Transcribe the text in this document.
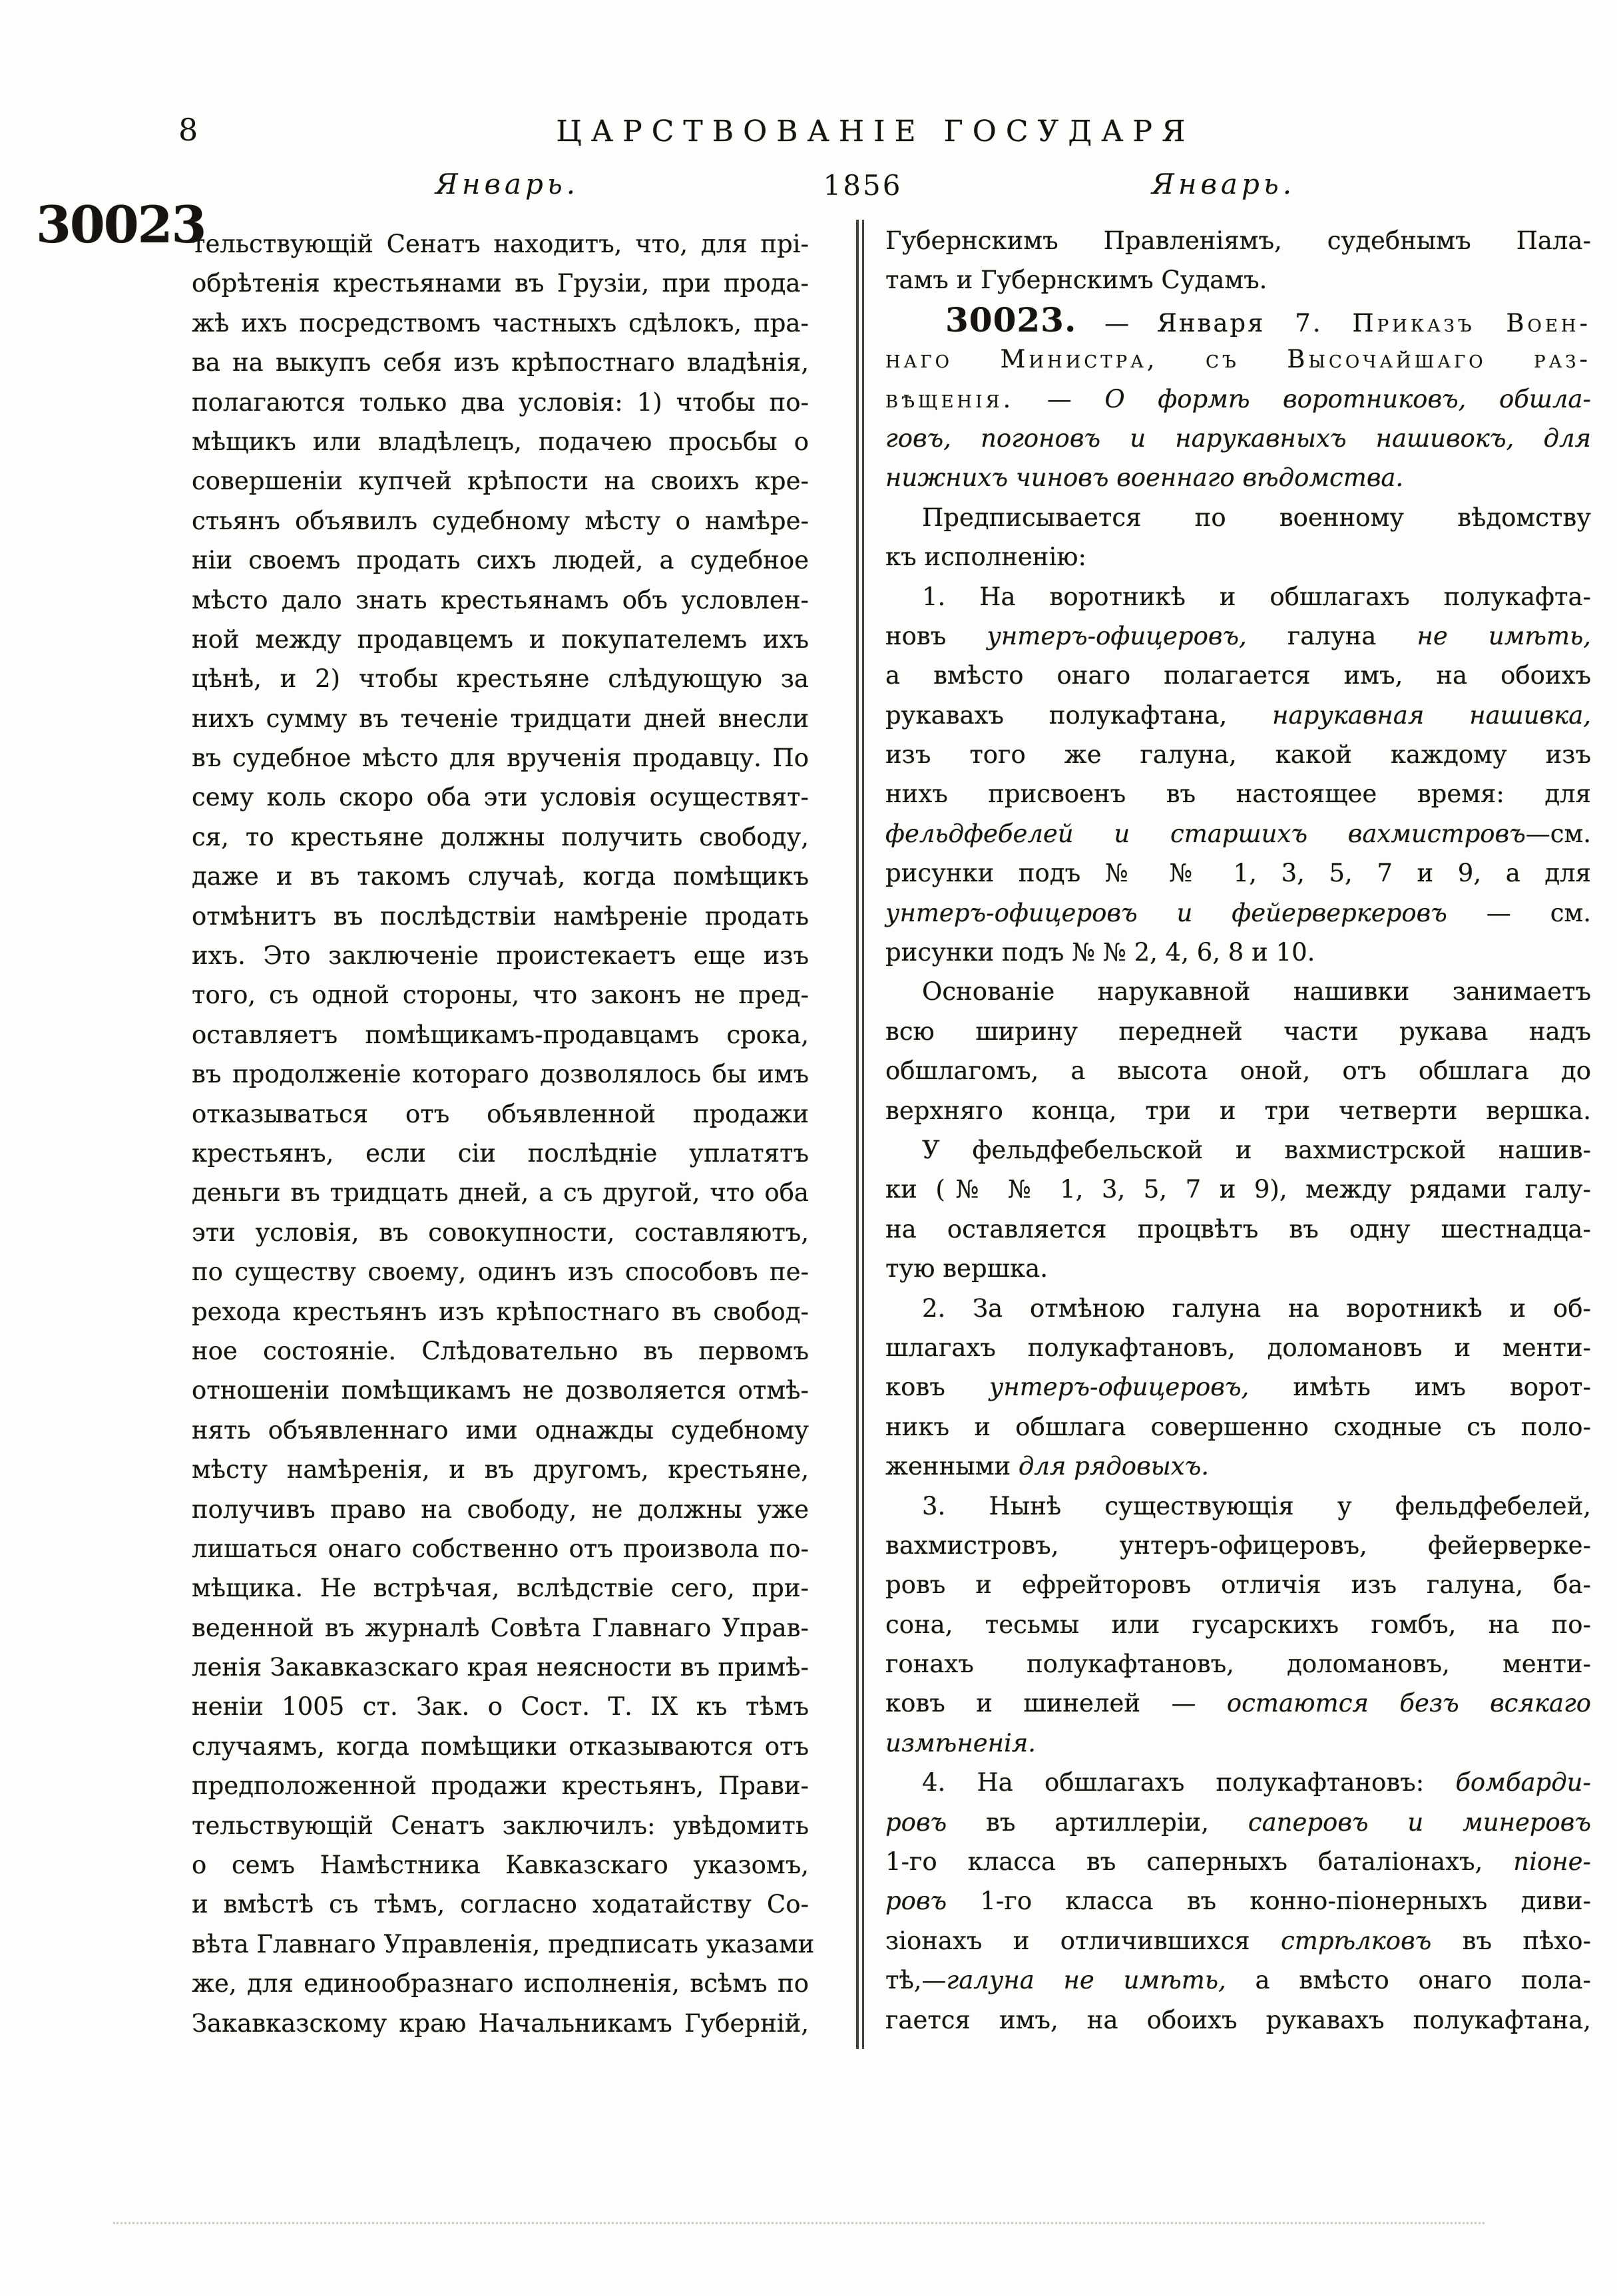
8	ЦАРСТВОВАНІЕ ГОСУДАРЯ
Январь.	1856	Январь.
30023
тельствующій Сенатъ находитъ, что, для прі-
обрѣтенія крестьянами въ Грузіи, при прода-
жѣ ихъ посредствомъ частныхъ сдѣлокъ, пра-
ва на выкупъ себя изъ крѣпостнаго владѣнія,
полагаются только два условія: 1) чтобы по-
мѣщикъ или владѣлецъ, подачею просьбы о
совершеніи купчей крѣпости на своихъ кре-
стьянъ объявилъ судебному мѣсту о намѣре-
ніи своемъ продать сихъ людей, а судебное
мѣсто дало знать крестьянамъ объ условлен-
ной между продавцемъ и покупателемъ ихъ
цѣнѣ, и 2) чтобы крестьяне слѣдующую за
нихъ сумму въ теченіе тридцати дней внесли
въ судебное мѣсто для врученія продавцу. По
сему коль скоро оба эти условія осуществят-
ся, то крестьяне должны получить свободу,
даже и въ такомъ случаѣ, когда помѣщикъ
отмѣнитъ въ послѣдствіи намѣреніе продать
ихъ. Это заключеніе проистекаетъ еще изъ
того, съ одной стороны, что законъ не пред-
оставляетъ помѣщикамъ-продавцамъ срока,
въ продолженіе котораго дозволялось бы имъ
отказываться отъ объявленной продажи
крестьянъ, если сіи послѣдніе уплатятъ
деньги въ тридцать дней, а съ другой, что оба
эти условія, въ совокупности, составляютъ,
по существу своему, одинъ изъ способовъ пе-
рехода крестьянъ изъ крѣпостнаго въ свобод-
ное состояніе. Слѣдовательно въ первомъ
отношеніи помѣщикамъ не дозволяется отмѣ-
нять объявленнаго ими однажды судебному
мѣсту намѣренія, и въ другомъ, крестьяне,
получивъ право на свободу, не должны уже
лишаться онаго собственно отъ произвола по-
мѣщика. Не встрѣчая, вслѣдствіе сего, при-
веденной въ журналѣ Совѣта Главнаго Управ-
ленія Закавказскаго края неясности въ примѣ-
неніи 1005 ст. Зак. о Сост. Т. IX къ тѣмъ
случаямъ, когда помѣщики отказываются отъ
предположенной продажи крестьянъ, Прави-
тельствующій Сенатъ заключилъ: увѣдомить
о семъ Намѣстника Кавказскаго указомъ,
и вмѣстѣ съ тѣмъ, согласно ходатайству Со-
вѣта Главнаго Управленія, предписать указами
же, для единообразнаго исполненія, всѣмъ по
Закавказскому краю Начальникамъ Губерній,
Губернскимъ Правленіямъ, судебнымъ Пала-
тамъ и Губернскимъ Судамъ.
30023. — Января 7. Приказъ Воен-
наго Министра, съ Высочайшаго раз-
вѣщенія. — О формѣ воротниковъ, обшла-
говъ, погоновъ и нарукавныхъ нашивокъ, для
нижнихъ чиновъ военнаго вѣдомства.
Предписывается по военному вѣдомству
къ исполненію:
1. На воротникѣ и обшлагахъ полукафта-
новъ унтеръ-офицеровъ, галуна не имѣть,
а вмѣсто онаго полагается имъ, на обоихъ
рукавахъ полукафтана, нарукавная нашивка,
изъ того же галуна, какой каждому изъ
нихъ присвоенъ въ настоящее время: для
фельдфебелей и старшихъ вахмистровъ—см.
рисунки подъ № № 1, 3, 5, 7 и 9, а для
унтеръ-офицеровъ и фейерверкеровъ — см.
рисунки подъ № № 2, 4, 6, 8 и 10.
Основаніе нарукавной нашивки занимаетъ
всю ширину передней части рукава надъ
обшлагомъ, а высота оной, отъ обшлага до
верхняго конца, три и три четверти вершка.
У фельдфебельской и вахмистрской нашив-
ки (№ № 1, 3, 5, 7 и 9), между рядами галу-
на оставляется процвѣтъ въ одну шестнадца-
тую вершка.
2. За отмѣною галуна на воротникѣ и об-
шлагахъ полукафтановъ, доломановъ и менти-
ковъ унтеръ-офицеровъ, имѣть имъ ворот-
никъ и обшлага совершенно сходные съ поло-
женными для рядовыхъ.
3. Нынѣ существующія у фельдфебелей,
вахмистровъ, унтеръ-офицеровъ, фейерверке-
ровъ и ефрейторовъ отличія изъ галуна, ба-
сона, тесьмы или гусарскихъ гомбъ, на по-
гонахъ полукафтановъ, доломановъ, менти-
ковъ и шинелей — остаются безъ всякаго
измѣненія.
4. На обшлагахъ полукафтановъ: бомбарди-
ровъ въ артиллеріи, саперовъ и минеровъ
1-го класса въ саперныхъ баталіонахъ, піоне-
ровъ 1-го класса въ конно-піонерныхъ диви-
зіонахъ и отличившихся стрѣлковъ въ пѣхо-
тѣ,—галуна не имѣть, а вмѣсто онаго пола-
гается имъ, на обоихъ рукавахъ полукафтана,
